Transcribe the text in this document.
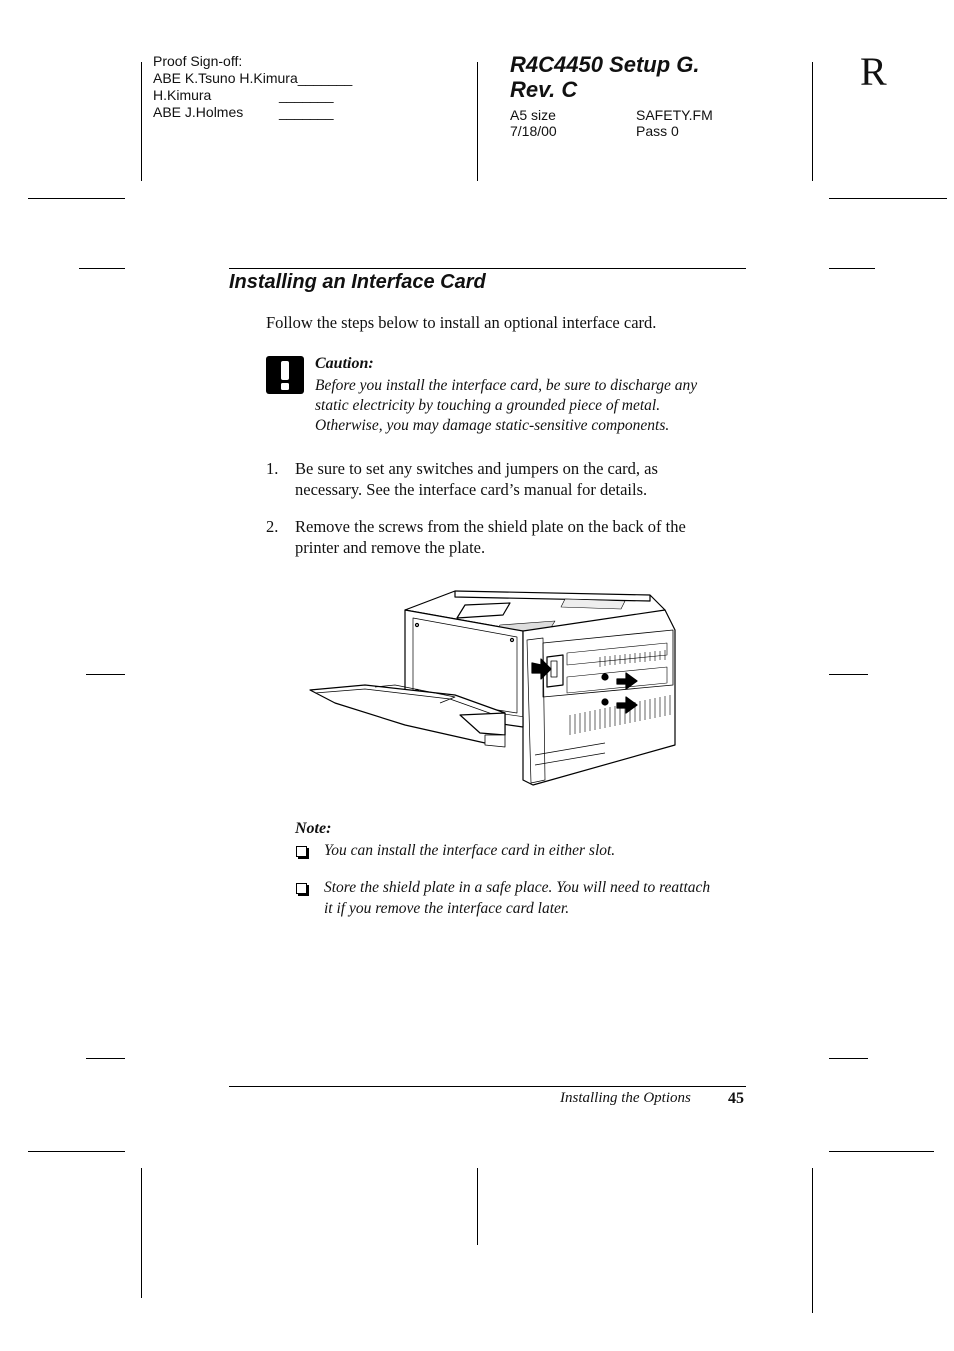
Proof Sign-off:
ABE K.Tsuno H.Kimura_______
H.Kimura	_______
ABE J.Holmes	_______
R4C4450 Setup G.
Rev. C
A5 size	SAFETY.FM
7/18/00	Pass 0
R
Installing an Interface Card
Follow the steps below to install an optional interface card.
Caution:
Before you install the interface card, be sure to discharge any
static electricity by touching a grounded piece of metal.
Otherwise, you may damage static-sensitive components.
1. Be sure to set any switches and jumpers on the card, as
necessary. See the interface card’s manual for details.
2. Remove the screws from the shield plate on the back of the
printer and remove the plate.
Note:
You can install the interface card in either slot.
Store the shield plate in a safe place. You will need to reattach
it if you remove the interface card later.
Installing the Options 45
